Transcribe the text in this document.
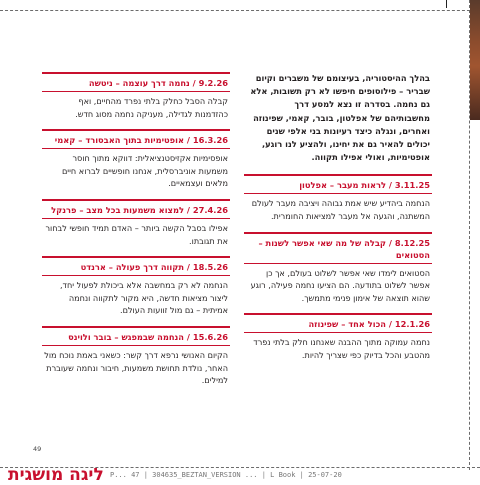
בהלך ההיסטוריה, בעיצומם של משברים וקיום שבריר – פילוסופים חיפשו לא רק תשובות, אלא גם נחמה. בסדרה זו נצא למסע דרך מחשבותיהם של אפלטון, בובר, קאמי, שפינוזה ואחרים, ונגלה כיצד רעיונות בני אלפי שנים יכולים להאיר גם את יחינו, ולהציע לנו רוגע, אופטימיות, ואולי אפילו תקווה.
3.11.25 / לראות מעבר – אפלטון
הנחמה ביהדיע שיש אמת גבוהה ויציבה מעבר לעולם המשתנה, והגעה אל מעבר למציאות החומרית.
8.12.25 / קבלה של מה שאי אפשר לשנות – הסטואים
הסטואים לימדו שאי אפשר לשלוט בעולם, אך כן אפשר לשלוט בתודעה. הם הציעו נחמה פעילה, רוגע שהוא תוצאה של אימון פנימי מתמשך.
12.1.26 / הכול אחד – שפינוזה
נחמה עמוקה מתוך ההבנה שאנחנו חלק בלתי נפרד מהטבע והכל בדיוק כפי שצריך להיות.
9.2.26 / נחמה דרך עוצמה – ניטשה
קבלה הסבל כחלק בלתי נפרד מהחיים, ואף כהזדמנות לגדילה, מעניקה נחמה מסוג חדש.
16.3.26 / אופטימיות בתוך האבסורד – קאמי
אופסימיות אקזיסטנציאלית: דווקא מתוך חוסר משמעות אוניברסלית, אנחנו חופשיים לברוא חיים מלאים ועצמאיים.
27.4.26 / למצוא משמעות בכל מצב – פרנקל
אפילו בסבל הקשה ביותר – האדם תמיד חופשי לבחור את תגובתו.
18.5.26 / תקווה דרך פעולה – ארנדט
הנחמה לא רק במחשבה אלא ביכולת לפעול יחד, ליצור מציאות חדשה, היא מקור לתקווה ונחמה אמיתית – גם מול זוועות העולם.
15.6.26 / הנחמה שבמפגש – בובר ולוינס
הקיום האנושי נרפא דרך קשר: כשאני באמת נוכח מול האחר, נולדת תחושת משמעות, חיבור ונחמה שעוברת למילים.
49
ליגה מושגית P... 47 | 304635_BEZTAN_VERSION ... | L Book | 25-07-20
